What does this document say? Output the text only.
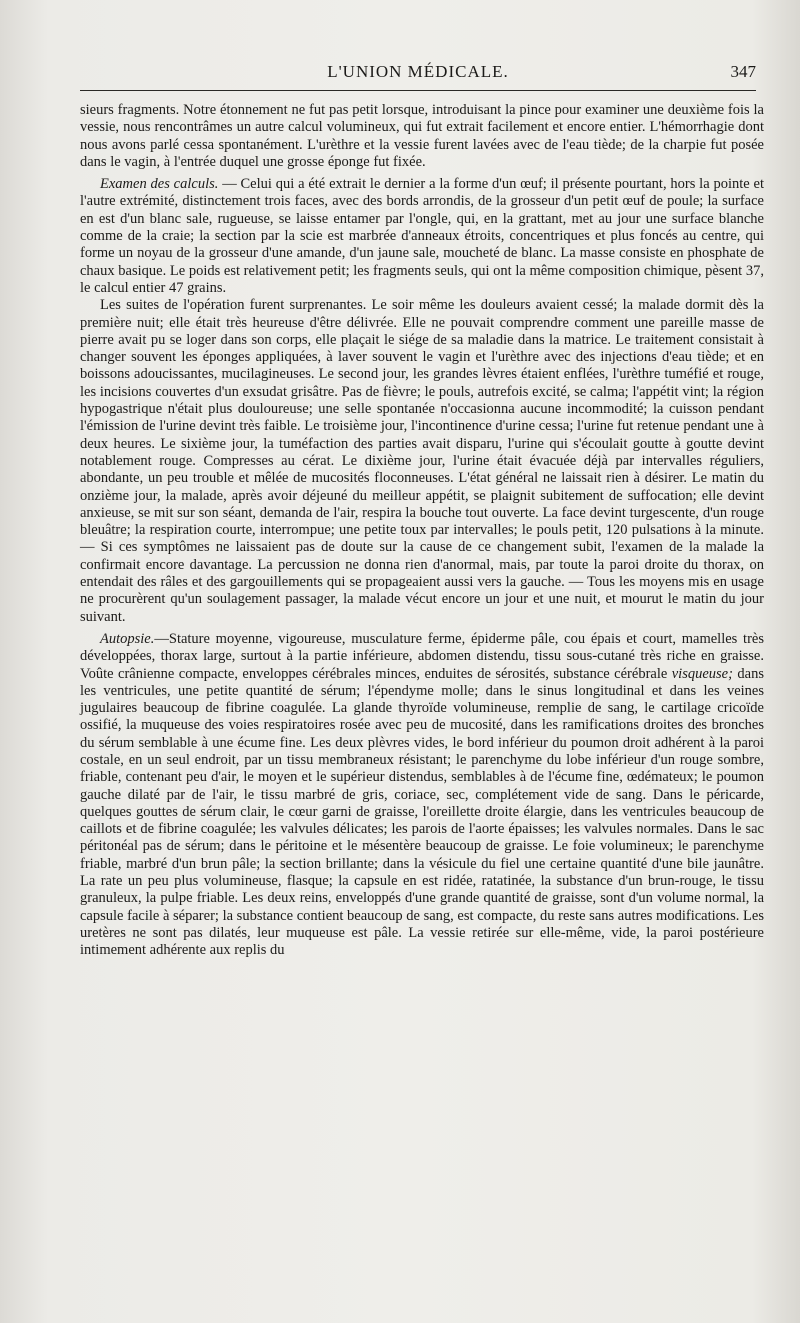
L'UNION MÉDICALE.	347

sieurs fragments. Notre étonnement ne fut pas petit lorsque, introduisant la pince pour examiner une deuxième fois la vessie, nous rencontrâmes un autre calcul volumineux, qui fut extrait facilement et encore entier. L'hémorrhagie dont nous avons parlé cessa spontanément. L'urèthre et la vessie furent lavées avec de l'eau tiède; de la charpie fut posée dans le vagin, à l'entrée duquel une grosse éponge fut fixée.

Examen des calculs. — Celui qui a été extrait le dernier a la forme d'un œuf; il présente pourtant, hors la pointe et l'autre extrémité, distinctement trois faces, avec des bords arrondis, de la grosseur d'un petit œuf de poule; la surface en est d'un blanc sale, rugueuse, se laisse entamer par l'ongle, qui, en la grattant, met au jour une surface blanche comme de la craie; la section par la scie est marbrée d'anneaux étroits, concentriques et plus foncés au centre, qui forme un noyau de la grosseur d'une amande, d'un jaune sale, moucheté de blanc. La masse consiste en phosphate de chaux basique. Le poids est relativement petit; les fragments seuls, qui ont la même composition chimique, pèsent 37, le calcul entier 47 grains.

Les suites de l'opération furent surprenantes. Le soir même les douleurs avaient cessé; la malade dormit dès la première nuit; elle était très heureuse d'être délivrée. Elle ne pouvait comprendre comment une pareille masse de pierre avait pu se loger dans son corps, elle plaçait le siége de sa maladie dans la matrice. Le traitement consistait à changer souvent les éponges appliquées, à laver souvent le vagin et l'urèthre avec des injections d'eau tiède; et en boissons adoucissantes, mucilagineuses. Le second jour, les grandes lèvres étaient enflées, l'urèthre tuméfié et rouge, les incisions couvertes d'un exsudat grisâtre. Pas de fièvre; le pouls, autrefois excité, se calma; l'appétit vint; la région hypogastrique n'était plus douloureuse; une selle spontanée n'occasionna aucune incommodité; la cuisson pendant l'émission de l'urine devint très faible. Le troisième jour, l'incontinence d'urine cessa; l'urine fut retenue pendant une à deux heures. Le sixième jour, la tuméfaction des parties avait disparu, l'urine qui s'écoulait goutte à goutte devint notablement rouge. Compresses au cérat. Le dixième jour, l'urine était évacuée déjà par intervalles réguliers, abondante, un peu trouble et mêlée de mucosités floconneuses. L'état général ne laissait rien à désirer. Le matin du onzième jour, la malade, après avoir déjeuné du meilleur appétit, se plaignit subitement de suffocation; elle devint anxieuse, se mit sur son séant, demanda de l'air, respira la bouche tout ouverte. La face devint turgescente, d'un rouge bleuâtre; la respiration courte, interrompue; une petite toux par intervalles; le pouls petit, 120 pulsations à la minute. — Si ces symptômes ne laissaient pas de doute sur la cause de ce changement subit, l'examen de la malade la confirmait encore davantage. La percussion ne donna rien d'anormal, mais, par toute la paroi droite du thorax, on entendait des râles et des gargouillements qui se propageaient aussi vers la gauche. — Tous les moyens mis en usage ne procurèrent qu'un soulagement passager, la malade vécut encore un jour et une nuit, et mourut le matin du jour suivant.

Autopsie.—Stature moyenne, vigoureuse, musculature ferme, épiderme pâle, cou épais et court, mamelles très développées, thorax large, surtout à la partie inférieure, abdomen distendu, tissu sous-cutané très riche en graisse. Voûte crânienne compacte, enveloppes cérébrales minces, enduites de sérosités, substance cérébrale visqueuse; dans les ventricules, une petite quantité de sérum; l'épendyme molle; dans le sinus longitudinal et dans les veines jugulaires beaucoup de fibrine coagulée. La glande thyroïde volumineuse, remplie de sang, le cartilage cricoïde ossifié, la muqueuse des voies respiratoires rosée avec peu de mucosité, dans les ramifications droites des bronches du sérum semblable à une écume fine. Les deux plèvres vides, le bord inférieur du poumon droit adhérent à la paroi costale, en un seul endroit, par un tissu membraneux résistant; le parenchyme du lobe inférieur d'un rouge sombre, friable, contenant peu d'air, le moyen et le supérieur distendus, semblables à de l'écume fine, œdémateux; le poumon gauche dilaté par de l'air, le tissu marbré de gris, coriace, sec, complétement vide de sang. Dans le péricarde, quelques gouttes de sérum clair, le cœur garni de graisse, l'oreillette droite élargie, dans les ventricules beaucoup de caillots et de fibrine coagulée; les valvules délicates; les parois de l'aorte épaisses; les valvules normales. Dans le sac péritonéal pas de sérum; dans le péritoine et le mésentère beaucoup de graisse. Le foie volumineux; le parenchyme friable, marbré d'un brun pâle; la section brillante; dans la vésicule du fiel une certaine quantité d'une bile jaunâtre. La rate un peu plus volumineuse, flasque; la capsule en est ridée, ratatinée, la substance d'un brun-rouge, le tissu granuleux, la pulpe friable. Les deux reins, enveloppés d'une grande quantité de graisse, sont d'un volume normal, la capsule facile à séparer; la substance contient beaucoup de sang, est compacte, du reste sans autres modifications. Les uretères ne sont pas dilatés, leur muqueuse est pâle. La vessie retirée sur elle-même, vide, la paroi postérieure intimement adhérente aux replis du
